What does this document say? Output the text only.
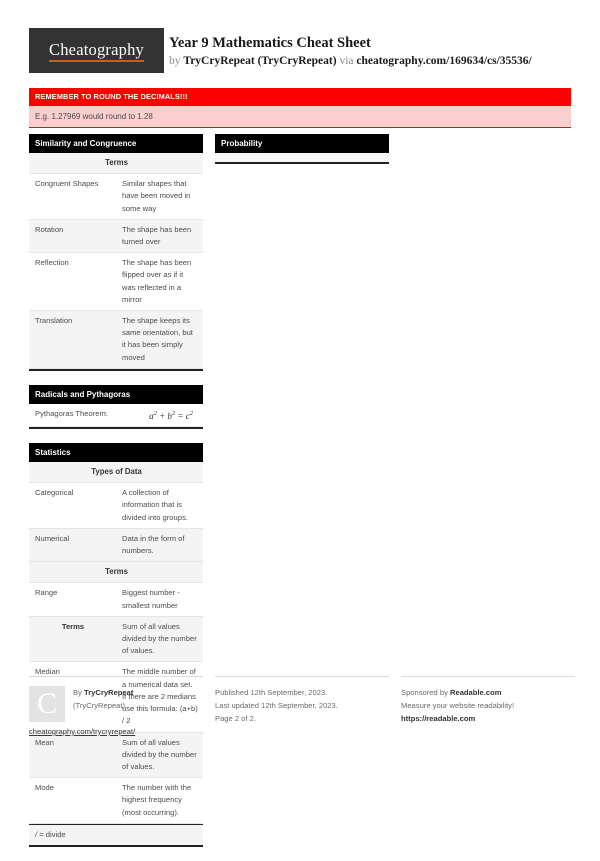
Cheatography Year 9 Mathematics Cheat Sheet
by TryCryRepeat (TryCryRepeat) via cheatography.com/169634/cs/35536/
REMEMBER TO ROUND THE DECIMALS!!!
E.g. 1.27969 would round to 1.28
Similarity and Congruence
Terms	
Congruent Shapes	Similar shapes that have been moved in some way
Rotation	The shape has been turned over
Reflection	The shape has been flipped over as if it was reflected in a mirror
Translation	The shape keeps its same orientation, but it has been simply moved
Radicals and Pythagoras
Pythagoras Theorem:	$a^2 + b^2 = c^2$
Statistics
Types of Data	
Categorical	A collection of information that is divided into groups.
Numerical	Data in the form of numbers.
Terms	
Range	Biggest number - smallest number
Terms	Sum of all values divided by the number of values.
Median	The middle number of a numerical data set. If there are 2 medians use this formula: (a+b) / 2
Mean	Sum of all values divided by the number of values.
Mode	The number with the highest frequency (most occurring).
/ = divide
Probability
C	By TryCryRepeat
(TryCryRepeat)
cheatography.com/trycryrepeat/
Published 12th September, 2023.
Last updated 12th September, 2023.
Page 2 of 2.
Sponsored by Readable.com
Measure your website readability!
https://readable.com
